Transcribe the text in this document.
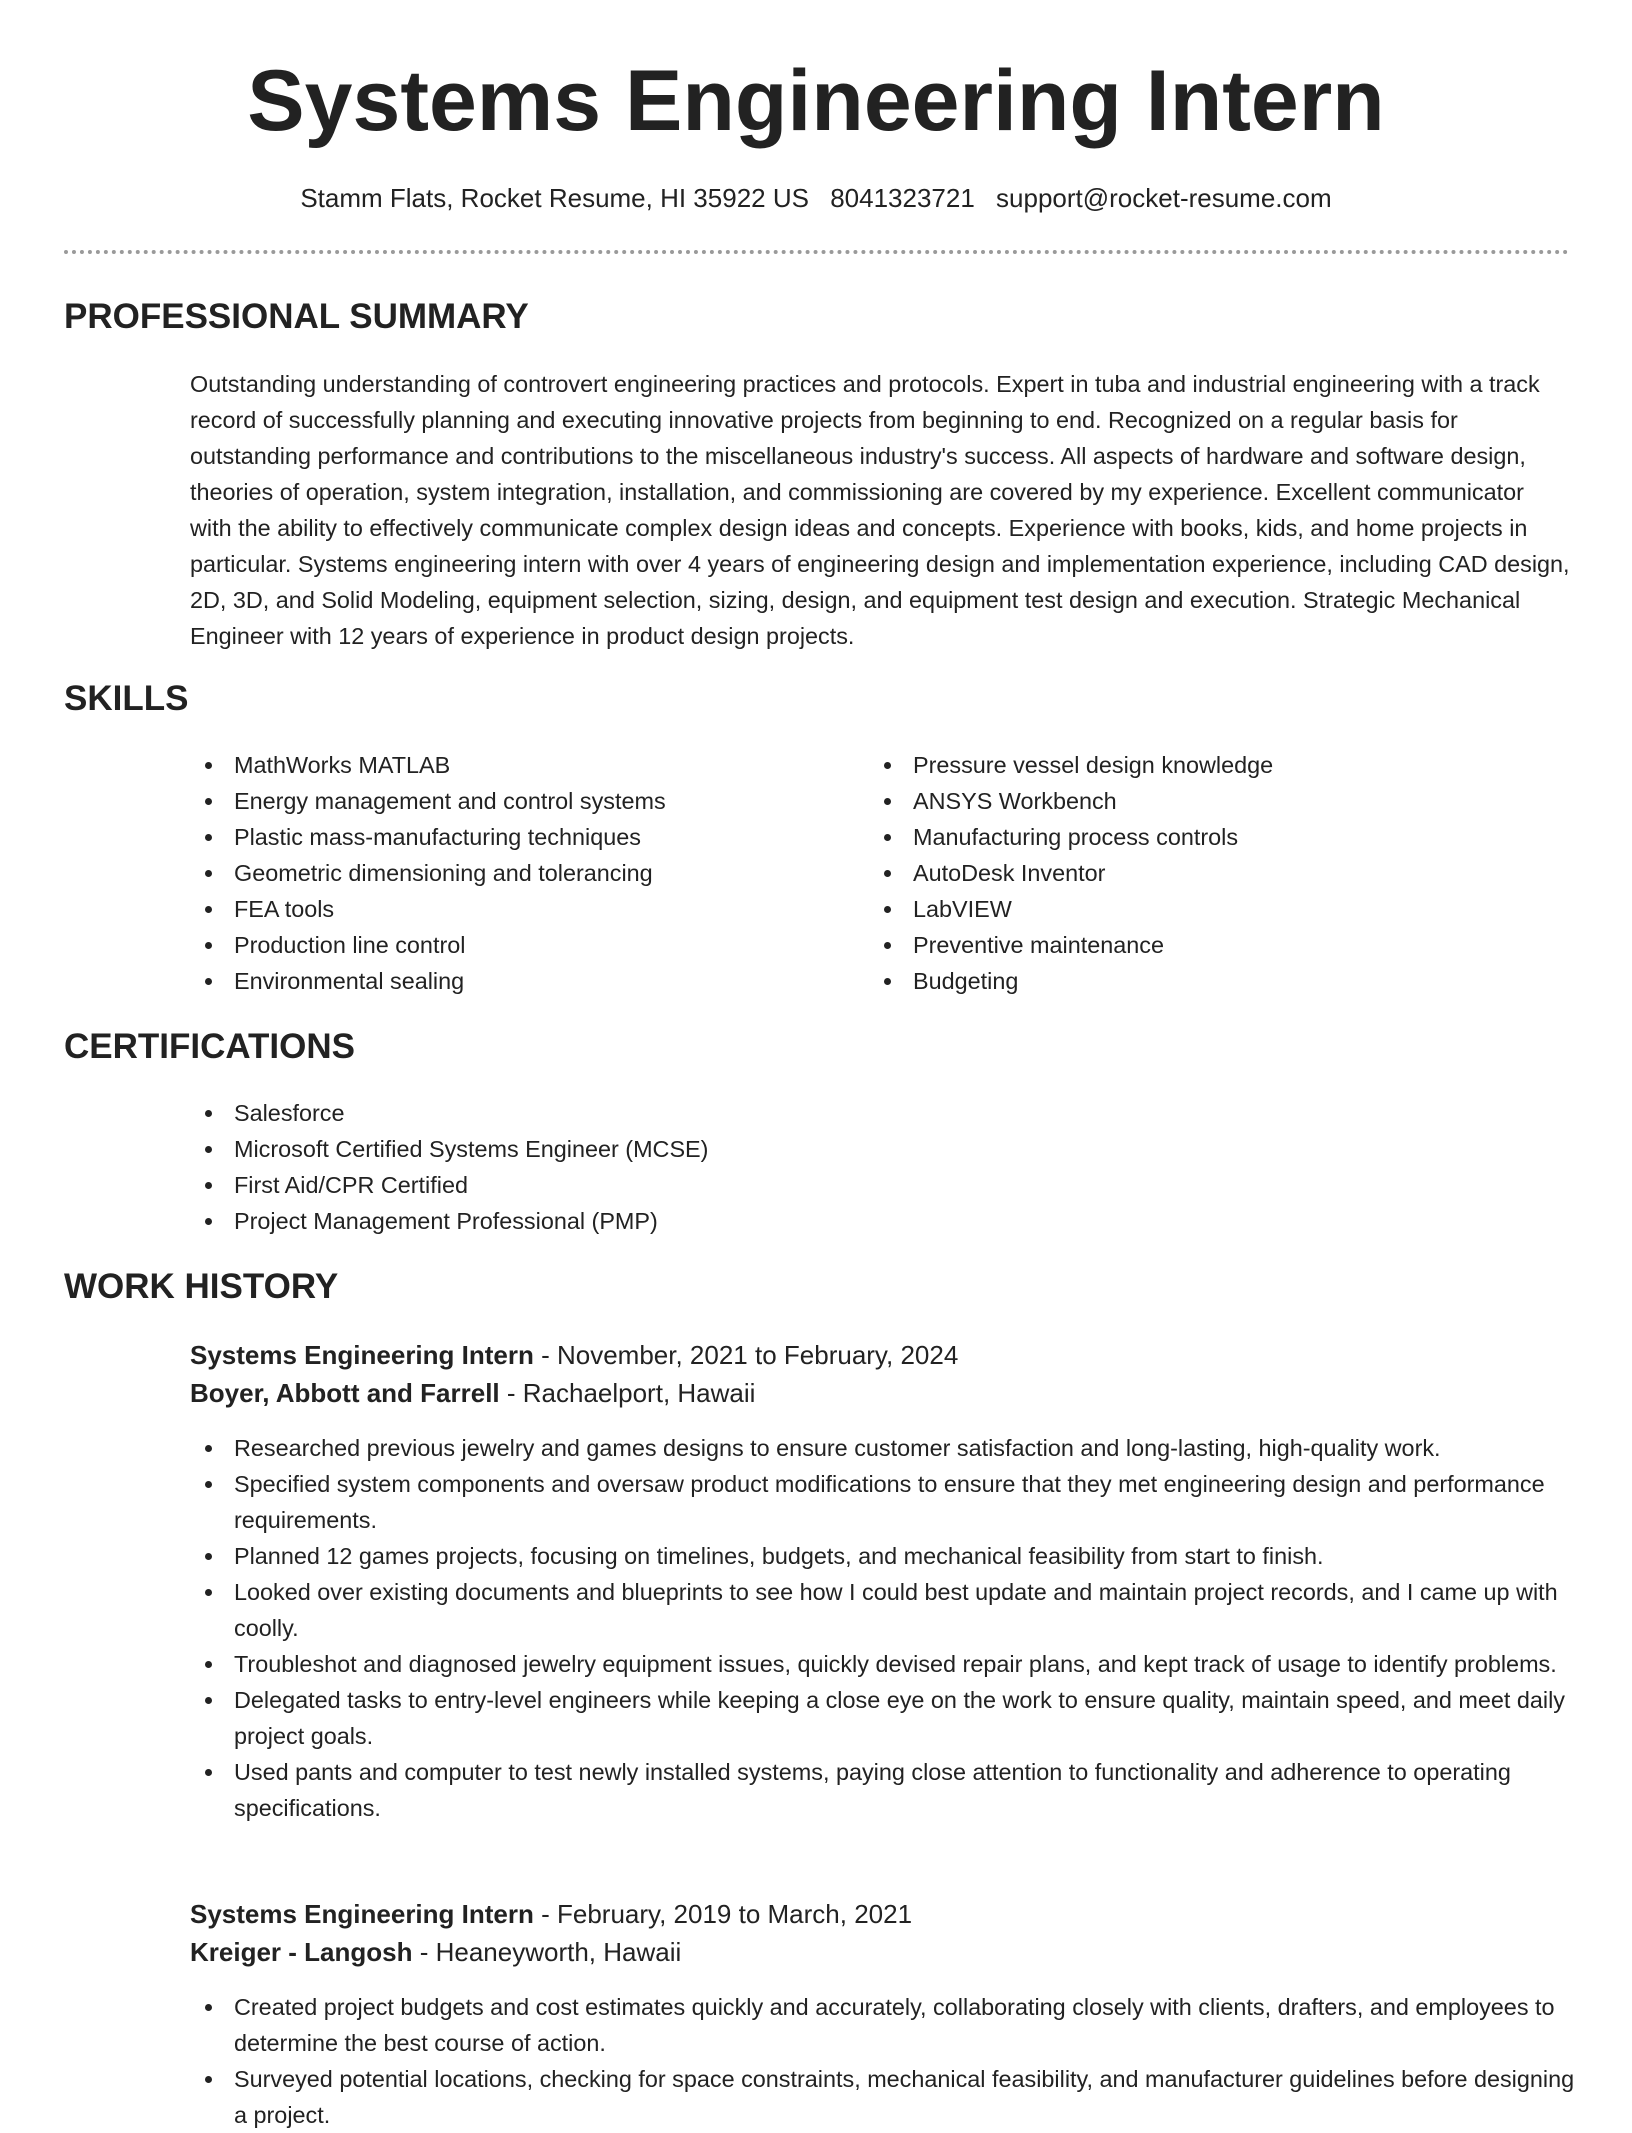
Systems Engineering Intern
Stamm Flats, Rocket Resume, HI 35922 US 8041323721 support@rocket-resume.com
PROFESSIONAL SUMMARY

Outstanding understanding of controvert engineering practices and protocols. Expert in tuba and industrial engineering with a track record of successfully planning and executing innovative projects from beginning to end. Recognized on a regular basis for outstanding performance and contributions to the miscellaneous industry's success. All aspects of hardware and software design, theories of operation, system integration, installation, and commissioning are covered by my experience. Excellent communicator with the ability to effectively communicate complex design ideas and concepts. Experience with books, kids, and home projects in particular. Systems engineering intern with over 4 years of engineering design and implementation experience, including CAD design, 2D, 3D, and Solid Modeling, equipment selection, sizing, design, and equipment test design and execution. Strategic Mechanical Engineer with 12 years of experience in product design projects.

SKILLS
MathWorks MATLAB
Energy management and control systems
Plastic mass-manufacturing techniques
Geometric dimensioning and tolerancing
FEA tools
Production line control
Environmental sealing
Pressure vessel design knowledge
ANSYS Workbench
Manufacturing process controls
AutoDesk Inventor
LabVIEW
Preventive maintenance
Budgeting
CERTIFICATIONS
Salesforce
Microsoft Certified Systems Engineer (MCSE)
First Aid/CPR Certified
Project Management Professional (PMP)
WORK HISTORY
Systems Engineering Intern - November, 2021 to February, 2024
Boyer, Abbott and Farrell - Rachaelport, Hawaii
Researched previous jewelry and games designs to ensure customer satisfaction and long-lasting, high-quality work.
Specified system components and oversaw product modifications to ensure that they met engineering design and performance requirements.
Planned 12 games projects, focusing on timelines, budgets, and mechanical feasibility from start to finish.
Looked over existing documents and blueprints to see how I could best update and maintain project records, and I came up with coolly.
Troubleshot and diagnosed jewelry equipment issues, quickly devised repair plans, and kept track of usage to identify problems.
Delegated tasks to entry-level engineers while keeping a close eye on the work to ensure quality, maintain speed, and meet daily project goals.
Used pants and computer to test newly installed systems, paying close attention to functionality and adherence to operating specifications.
Systems Engineering Intern - February, 2019 to March, 2021
Kreiger - Langosh - Heaneyworth, Hawaii
Created project budgets and cost estimates quickly and accurately, collaborating closely with clients, drafters, and employees to determine the best course of action.
Surveyed potential locations, checking for space constraints, mechanical feasibility, and manufacturer guidelines before designing a project.
